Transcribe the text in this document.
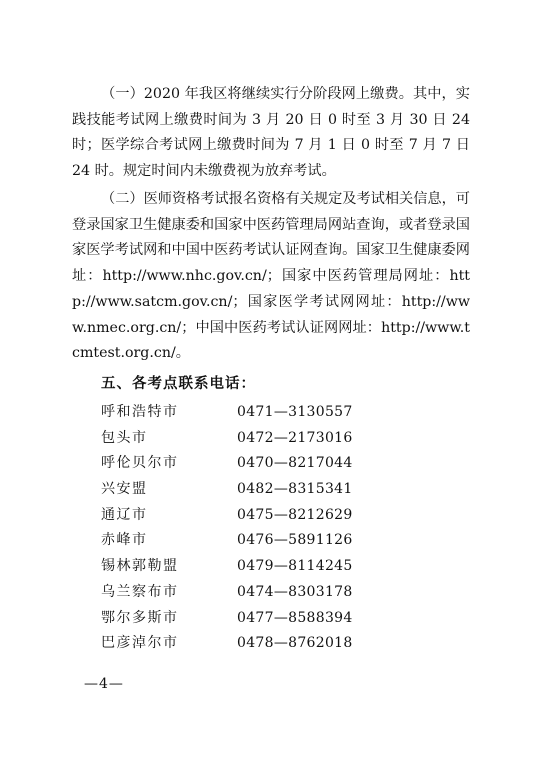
（一）2020 年我区将继续实行分阶段网上缴费。其中，实践技能考试网上缴费时间为 3 月 20 日 0 时至 3 月 30 日 24 时；医学综合考试网上缴费时间为 7 月 1 日 0 时至 7 月 7 日 24 时。规定时间内未缴费视为放弃考试。

（二）医师资格考试报名资格有关规定及考试相关信息，可登录国家卫生健康委和国家中医药管理局网站查询，或者登录国家医学考试网和中国中医药考试认证网查询。国家卫生健康委网址：http://www.nhc.gov.cn/；国家中医药管理局网址：http://www.satcm.gov.cn/；国家医学考试网网址：http://www.nmec.org.cn/；中国中医药考试认证网网址：http://www.tcmtest.org.cn/。

五、各考点联系电话：
呼和浩特市	0471—3130557
包头市	0472—2173016
呼伦贝尔市	0470—8217044
兴安盟	0482—8315341
通辽市	0475—8212629
赤峰市	0476—5891126
锡林郭勒盟	0479—8114245
乌兰察布市	0474—8303178
鄂尔多斯市	0477—8588394
巴彦淖尔市	0478—8762018
—4—
